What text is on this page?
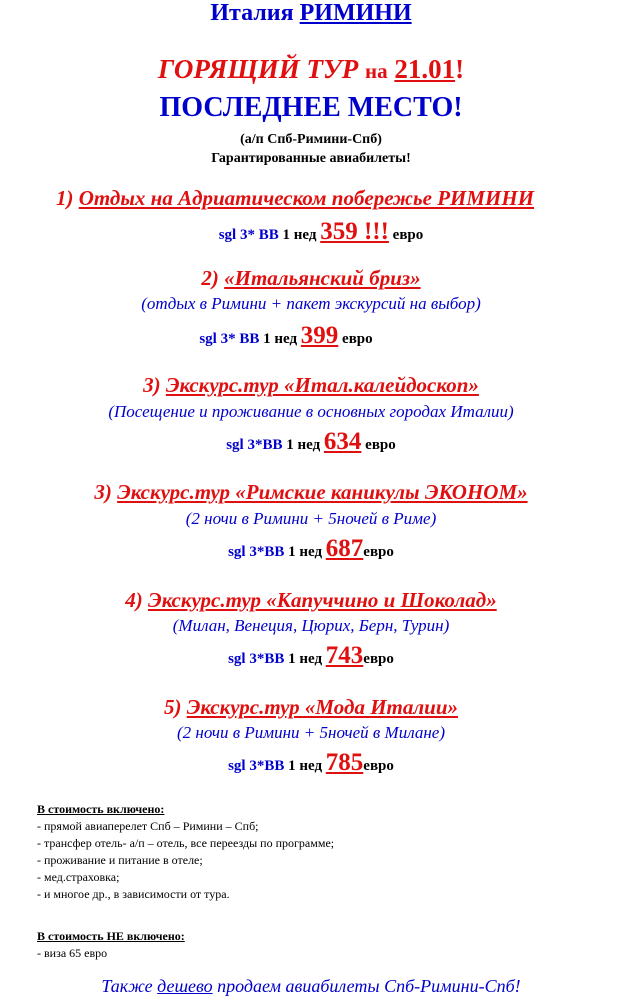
Италия РИМИНИ
ГОРЯЩИЙ ТУР на 21.01!
ПОСЛЕДНЕЕ МЕСТО!
(а/п Спб-Римини-Спб)
Гарантированные авиабилеты!
1) Отдых на Адриатическом побережье РИМИНИ
sgl 3* BB 1 нед 359 !!! евро
2) «Итальянский бриз»
(отдых в Римини + пакет экскурсий на выбор)
sgl 3* BB 1 нед 399 евро
3) Экскурс.тур «Итал.калейдоскоп»
(Посещение и проживание в основных городах Италии)
sgl 3*BB 1 нед 634 евро
3) Экскурс.тур «Римские каникулы ЭКОНОМ»
(2 ночи в Римини + 5ночей в Риме)
sgl 3*BB 1 нед 687евро
4) Экскурс.тур «Капуччино и Шоколад»
(Милан, Венеция, Цюрих, Берн, Турин)
sgl 3*BB 1 нед 743евро
5) Экскурс.тур «Мода Италии»
(2 ночи в Римини + 5ночей в Милане)
sgl 3*BB 1 нед 785евро
В стоимость включено:
- прямой авиаперелет Спб – Римини – Спб;
- трансфер отель- а/п – отель, все переезды по программе;
- проживание и питание в отеле;
- мед.страховка;
- и многое др., в зависимости от тура.
В стоимость НЕ включено:
- виза 65 евро
Также дешево продаем авиабилеты Спб-Римини-Спб!
